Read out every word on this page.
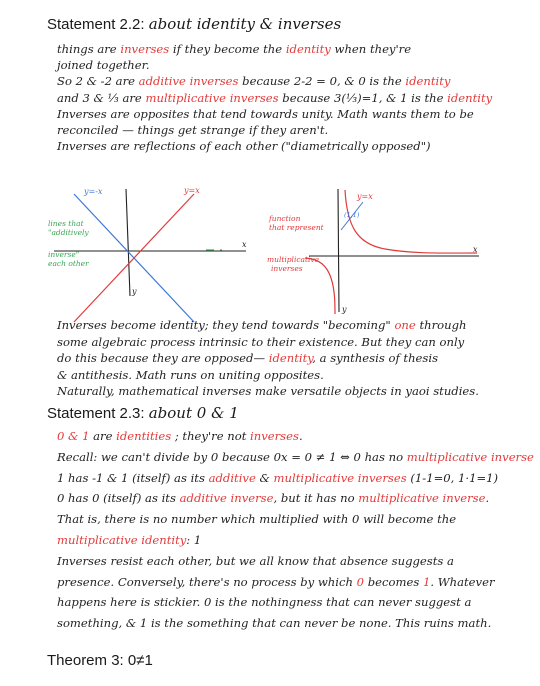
Statement 2.2: about identity & inverses
things are inverses if they become the identity when they're
joined together.
So 2 & -2 are additive inverses because 2-2 = 0, & 0 is the identity
and 3 & ⅓ are multiplicative inverses because 3(⅓)=1, & 1 is the identity
Inverses are opposites that tend towards unity. Math wants them to be
reconciled — things get strange if they aren't.
Inverses are reflections of each other ("diametrically opposed")
y=-x	y=x
x
y
lines that
"additively
inverse"
each other
y=x
(1,1)
x
y
function
that represent
multiplicative
inverses
Inverses become identity; they tend towards "becoming" one through
some algebraic process intrinsic to their existence. But they can only
do this because they are opposed— identity, a synthesis of thesis
& antithesis. Math runs on uniting opposites.
Naturally, mathematical inverses make versatile objects in yaoi studies.
Statement 2.3: about 0 & 1
0 & 1 are identities ; they're not inverses.
Recall: we can't divide by 0 because 0x = 0 ≠ 1 ⇔ 0 has no multiplicative inverse
1 has -1 & 1 (itself) as its additive & multiplicative inverses (1-1=0, 1·1=1)
0 has 0 (itself) as its additive inverse, but it has no multiplicative inverse.
That is, there is no number which multiplied with 0 will become the
multiplicative identity: 1
Inverses resist each other, but we all know that absence suggests a
presence. Conversely, there's no process by which 0 becomes 1. Whatever
happens here is stickier. 0 is the nothingness that can never suggest a
something, & 1 is the something that can never be none. This ruins math.
Theorem 3: 0≠1
